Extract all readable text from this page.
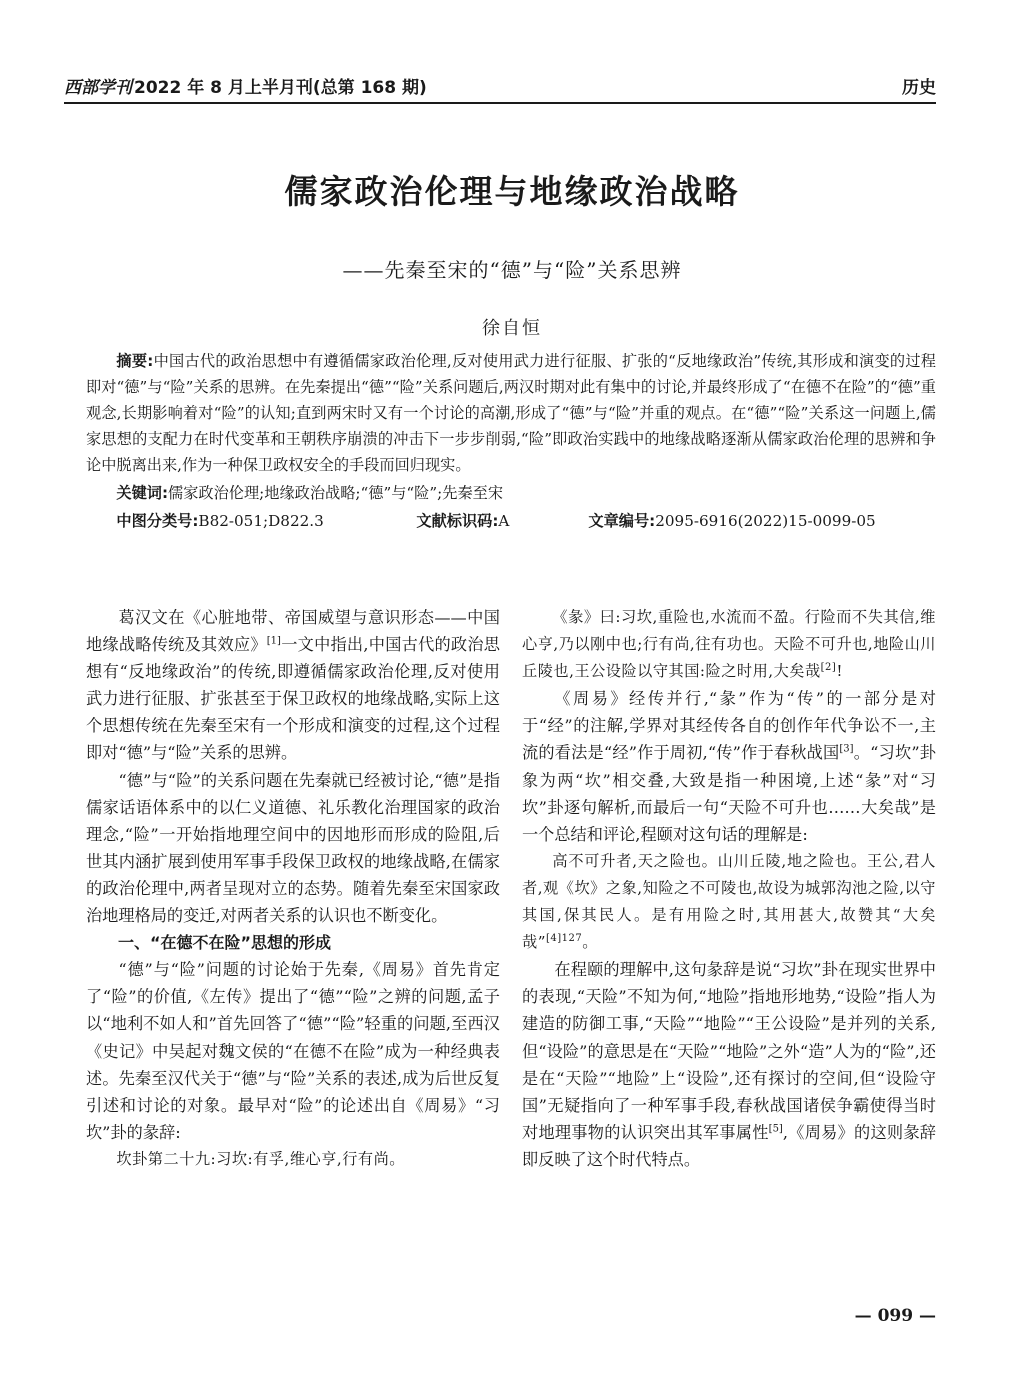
西部学刊 2022 年 8 月上半月刊(总第 168 期)	历史
儒家政治伦理与地缘政治战略
——先秦至宋的“德”与“险”关系思辨
徐自恒

摘要:中国古代的政治思想中有遵循儒家政治伦理,反对使用武力进行征服、扩张的“反地缘政治”传统,其形成和演变的过程即对“德”与“险”关系的思辨。在先秦提出“德”“险”关系问题后,两汉时期对此有集中的讨论,并最终形成了“在德不在险”的“德”重观念,长期影响着对“险”的认知;直到两宋时又有一个讨论的高潮,形成了“德”与“险”并重的观点。在“德”“险”关系这一问题上,儒家思想的支配力在时代变革和王朝秩序崩溃的冲击下一步步削弱,“险”即政治实践中的地缘战略逐渐从儒家政治伦理的思辨和争论中脱离出来,作为一种保卫政权安全的手段而回归现实。

关键词:儒家政治伦理;地缘政治战略;“德”与“险”;先秦至宋

中图分类号:B82-051;D822.3	文献标识码:A	文章编号:2095-6916(2022)15-0099-05

葛汉文在《心脏地带、帝国威望与意识形态——中国地缘战略传统及其效应》[1]一文中指出,中国古代的政治思想有“反地缘政治”的传统,即遵循儒家政治伦理,反对使用武力进行征服、扩张甚至于保卫政权的地缘战略,实际上这个思想传统在先秦至宋有一个形成和演变的过程,这个过程即对“德”与“险”关系的思辨。

“德”与“险”的关系问题在先秦就已经被讨论,“德”是指儒家话语体系中的以仁义道德、礼乐教化治理国家的政治理念,“险”一开始指地理空间中的因地形而形成的险阻,后世其内涵扩展到使用军事手段保卫政权的地缘战略,在儒家的政治伦理中,两者呈现对立的态势。随着先秦至宋国家政治地理格局的变迁,对两者关系的认识也不断变化。

一、“在德不在险”思想的形成

“德”与“险”问题的讨论始于先秦,《周易》首先肯定了“险”的价值,《左传》提出了“德”“险”之辨的问题,孟子以“地利不如人和”首先回答了“德”“险”轻重的问题,至西汉《史记》中吴起对魏文侯的“在德不在险”成为一种经典表述。先秦至汉代关于“德”与“险”关系的表述,成为后世反复引述和讨论的对象。最早对“险”的论述出自《周易》“习坎”卦的彖辞:

坎卦第二十九:习坎:有孚,维心亨,行有尚。

《彖》曰:习坎,重险也,水流而不盈。行险而不失其信,维心亨,乃以刚中也;行有尚,往有功也。天险不可升也,地险山川丘陵也,王公设险以守其国:险之时用,大矣哉[2]!

《周易》经传并行,“彖”作为“传”的一部分是对于“经”的注解,学界对其经传各自的创作年代争讼不一,主流的看法是“经”作于周初,“传”作于春秋战国[3]。“习坎”卦象为两“坎”相交叠,大致是指一种困境,上述“彖”对“习坎”卦逐句解析,而最后一句“天险不可升也……大矣哉”是一个总结和评论,程颐对这句话的理解是:

高不可升者,天之险也。山川丘陵,地之险也。王公,君人者,观《坎》之象,知险之不可陵也,故设为城郭沟池之险,以守其国,保其民人。是有用险之时,其用甚大,故赞其“大矣哉”$^{[4]127}$。

在程颐的理解中,这句彖辞是说“习坎”卦在现实世界中的表现,“天险”不知为何,“地险”指地形地势,“设险”指人为建造的防御工事,“天险”“地险”“王公设险”是并列的关系,但“设险”的意思是在“天险”“地险”之外“造”人为的“险”,还是在“天险”“地险”上“设险”,还有探讨的空间,但“设险守国”无疑指向了一种军事手段,春秋战国诸侯争霸使得当时对地理事物的认识突出其军事属性[5],《周易》的这则彖辞即反映了这个时代特点。

— 099 —
